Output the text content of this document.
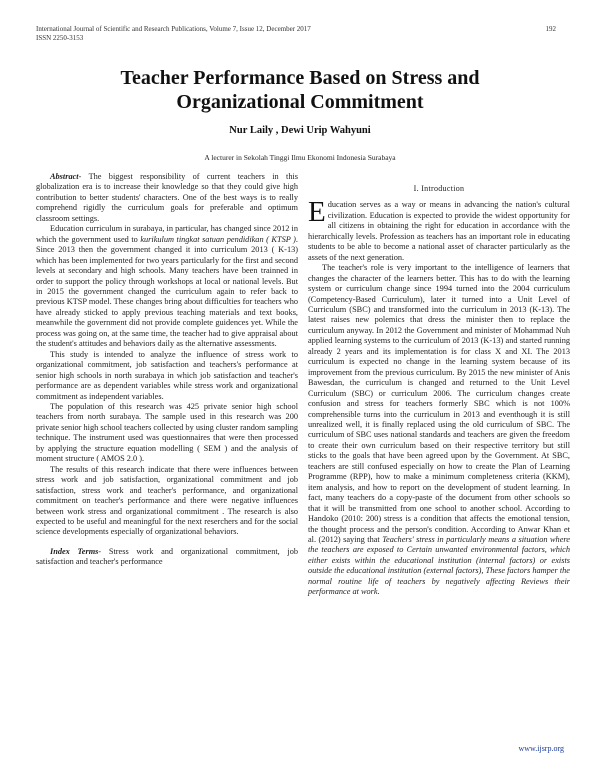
International Journal of Scientific and Research Publications, Volume 7, Issue 12, December 2017
ISSN 2250-3153
192
Teacher Performance Based on Stress and
Organizational Commitment
Nur Laily , Dewi Urip Wahyuni
A lecturer in Sekolah Tinggi Ilmu Ekonomi Indonesia Surabaya

Abstract- The biggest responsibility of current teachers in this globalization era is to increase their knowledge so that they could give high contribution to better students' characters. One of the best ways is to really comprehend rigidly the curriculum goals for preferable and optimum classroom settings.

Education curriculum in surabaya, in particular, has changed since 2012 in which the government used to kurikulum tingkat satuan pendidikan ( KTSP ). Since 2013 then the government changed it into curriculum 2013 ( K-13) which has been implemented for two years particularly for the first and second levels at secondary and high schools. Many teachers have been trainned in order to support the policy through workshops at local or national levels. But in 2015 the government changed the curriculum again to refer back to previous KTSP model. These changes bring about difficulties for teachers who have already sticked to apply previous teaching materials and text books, meanwhile the government did not provide complete guidences yet. While the process was going on, at the same time, the teacher had to give appraisal about the student's attitudes and behaviors daily as the alternative assessments.

This study is intended to analyze the influence of stress work to organizational commitment, job satisfaction and teachers's performance at senior high schools in north surabaya in which job satisfaction and teacher's performance are as dependent variables while stress work and organizational commitment as independent variables.

The population of this research was 425 private senior high school teachers from north surabaya. The sample used in this research was 200 private senior high school teachers collected by using cluster random sampling technique. The instrument used was questionnaires that were then processed by applying the structure equation modelling ( SEM ) and the analysis of moment structure ( AMOS 2.0 ).

The results of this research indicate that there were influences between stress work and job satisfaction, organizational commitment and job satisfaction, stress work and teacher's performance, and organizational commitment on teacher's performance and there were negative influences between work stress and organizational commitment . The research is also expected to be useful and meaningful for the next reserchers and for the social science developments especially of organizational behaviors.

Index Terms- Stress work and organizational commitment, job satisfaction and teacher's performance

I. Introduction

Education serves as a way or means in advancing the nation's cultural civilization. Education is expected to provide the widest opportunity for all citizens in obtaining the right for education in accordance with the hierarchically levels. Profession as teachers has an important role in educating students to be able to become a national asset of character particularly as the assets of the next generation.

The teacher's role is very important to the intelligence of learners that changes the character of the learners better. This has to do with the learning system or curriculum change since 1994 turned into the 2004 curriculum (Competency-Based Curriculum), later it turned into a Unit Level of Curriculum (SBC) and transformed into the curriculum in 2013 (K-13). The latest raises new polemics that dress the minister then to replace the curriculum anyway. In 2012 the Government and minister of Mohammad Nuh applied learning systems to the curriculum of 2013 (K-13) and started running already 2 years and its implementation is for class X and XI. The 2013 curriculum is expected no change in the learning system because of its improvement from the previous curriculum. By 2015 the new minister of Anis Bawesdan, the curriculum is changed and returned to the Unit Level Curriculum (SBC) or curriculum 2006. The curriculum changes create confusion and stress for teachers formerly SBC which is not 100% comprehensible turns into the curriculum in 2013 and eventhough it is still unrealized well, it is finally replaced using the old curriculum of SBC. The curriculum of SBC uses national standards and teachers are given the freedom to create their own curriculum based on their respective territory but still sticks to the goals that have been agreed upon by the Government. At SBC, teachers are still confused especially on how to create the Plan of Learning Programme (RPP), how to make a minimum completeness criteria (KKM), item analysis, and how to report on the development of student learning. In fact, many teachers do a copy-paste of the document from other schools so that it will be transmitted from one school to another school. According to Handoko (2010: 200) stress is a condition that affects the emotional tension, the thought process and the person's condition. According to Anwar Khan et al. (2012) saying that Teachers' stress in particularly means a situation where the teachers are exposed to Certain unwanted environmental factors, which either exists within the educational institution (internal factors) or exists outside the educational institution (external factors), These factors hamper the normal routine life of teachers by negatively affecting Reviews their performance at work.

www.ijsrp.org
